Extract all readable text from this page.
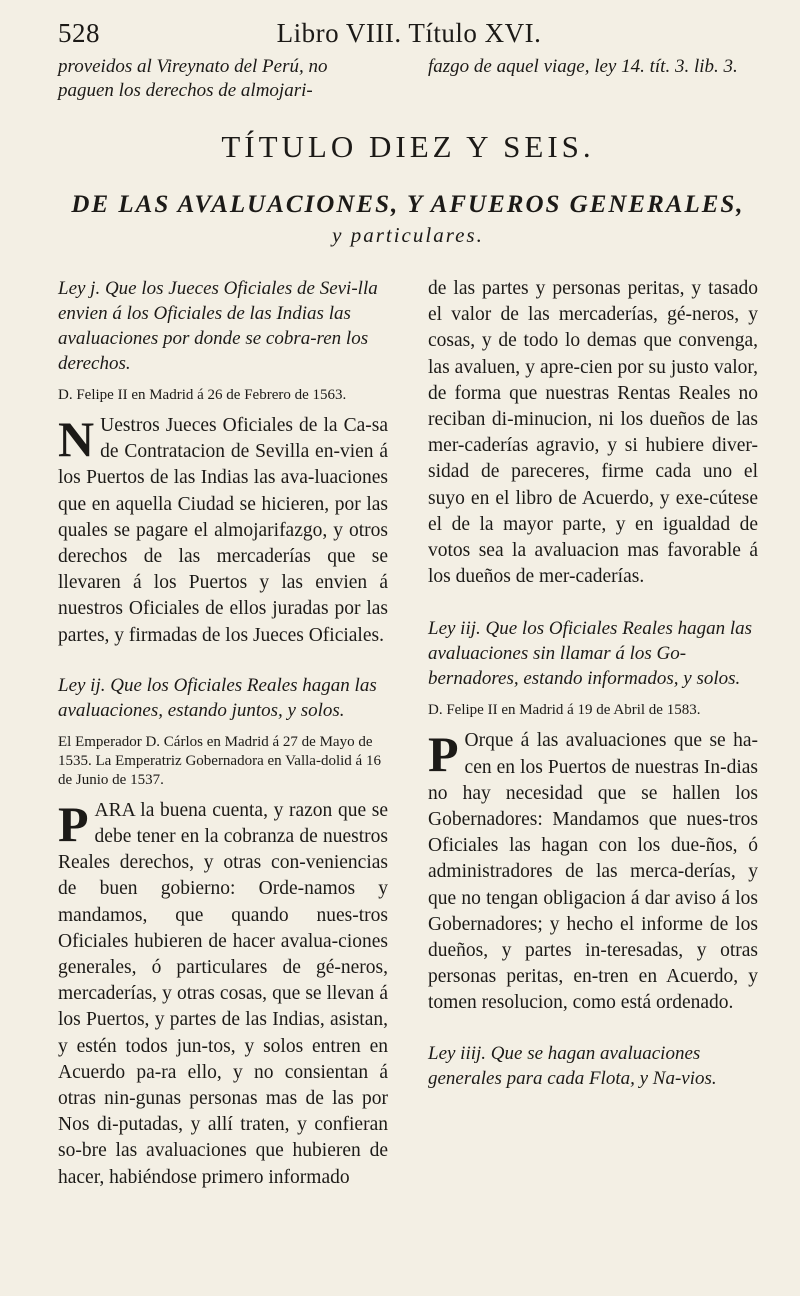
528	Libro VIII. Título XVI.
proveidos al Vireynato del Perú, no paguen los derechos de almojari-
fazgo de aquel viage, ley 14. tít. 3. lib. 3.
TÍTULO DIEZ Y SEIS.
DE LAS AVALUACIONES, Y AFUEROS GENERALES,
y particulares.

Ley j. Que los Jueces Oficiales de Sevi-lla envien á los Oficiales de las Indias las avaluaciones por donde se cobra-ren los derechos.

D. Felipe II en Madrid á 26 de Febrero de 1563.

N Uestros Jueces Oficiales de la Ca-sa de Contratacion de Sevilla en-vien á los Puertos de las Indias las ava-luaciones que en aquella Ciudad se hicieren, por las quales se pagare el almojarifazgo, y otros derechos de las mercaderías que se llevaren á los Puertos y las envien á nuestros Oficiales de ellos juradas por las partes, y firmadas de los Jueces Oficiales.

Ley ij. Que los Oficiales Reales hagan las avaluaciones, estando juntos, y solos.

El Emperador D. Cárlos en Madrid á 27 de Mayo de 1535. La Emperatriz Gobernadora en Valla-dolid á 16 de Junio de 1537.

PARA la buena cuenta, y razon que se debe tener en la cobranza de nuestros Reales derechos, y otras con-veniencias de buen gobierno: Orde-namos y mandamos, que quando nues-tros Oficiales hubieren de hacer avalua-ciones generales, ó particulares de gé-neros, mercaderías, y otras cosas, que se llevan á los Puertos, y partes de las Indias, asistan, y estén todos jun-tos, y solos entren en Acuerdo pa-ra ello, y no consientan á otras nin-gunas personas mas de las por Nos di-putadas, y allí traten, y confieran so-bre las avaluaciones que hubieren de hacer, habiéndose primero informado

de las partes y personas peritas, y tasado el valor de las mercaderías, gé-neros, y cosas, y de todo lo demas que convenga, las avaluen, y apre-cien por su justo valor, de forma que nuestras Rentas Reales no reciban di-minucion, ni los dueños de las mer-caderías agravio, y si hubiere diver-sidad de pareceres, firme cada uno el suyo en el libro de Acuerdo, y exe-cútese el de la mayor parte, y en igualdad de votos sea la avaluacion mas favorable á los dueños de mer-caderías.

Ley iij. Que los Oficiales Reales hagan las avaluaciones sin llamar á los Go-bernadores, estando informados, y solos.

D. Felipe II en Madrid á 19 de Abril de 1583.

P Orque á las avaluaciones que se ha-cen en los Puertos de nuestras In-dias no hay necesidad que se hallen los Gobernadores: Mandamos que nues-tros Oficiales las hagan con los due-ños, ó administradores de las merca-derías, y que no tengan obligacion á dar aviso á los Gobernadores; y hecho el informe de los dueños, y partes in-teresadas, y otras personas peritas, en-tren en Acuerdo, y tomen resolucion, como está ordenado.

Ley iiij. Que se hagan avaluaciones generales para cada Flota, y Na-vios.
